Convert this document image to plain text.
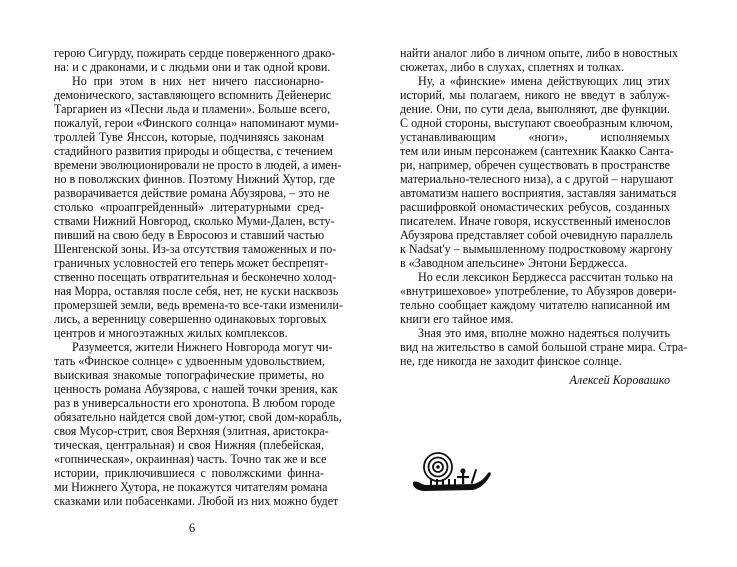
герою Сигурду, пожирать сердце поверженного драко-
на: и с драконами, и с людьми они и так одной крови.
Но при этом в них нет ничего пассионарно-
демонического, заставляющего вспомнить Дейенерис
Таргариен из «Песни льда и пламени». Больше всего,
пожалуй, герои «Финского солнца» напоминают муми-
троллей Туве Янссон, которые, подчиняясь законам
стадийного развития природы и общества, с течением
времени эволюционировали не просто в людей, а имен-
но в поволжских финнов. Поэтому Нижний Хутор, где
разворачивается действие романа Абузярова, – это не
столько «проапгрейденный» литературными сред-
ствами Нижний Новгород, сколько Муми-Дален, всту-
пивший на свою беду в Евросоюз и ставший частью
Шенгенской зоны. Из-за отсутствия таможенных и по-
граничных условностей его теперь может беспрепят-
ственно посещать отвратительная и бесконечно холод-
ная Морра, оставляя после себя, нет, не куски насквозь
промерзшей земли, ведь времена-то все-таки изменили-
лись, а веренницу совершенно одинаковых торговых
центров и многоэтажных жилых комплексов.
Разумеется, жители Нижнего Новгорода могут чи-
тать «Финское солнце» с удвоенным удовольствием,
выискивая знакомые топографические приметы, но
ценность романа Абузярова, с нашей точки зрения, как
раз в универсальности его хронотопа. В любом городе
обязательно найдется свой дом-утюг, свой дом-корабль,
своя Мусор-стрит, своя Верхняя (элитная, аристокра-
тическая, центральная) и своя Нижняя (плебейская,
«гопническая», окраинная) часть. Точно так же и все
истории, приключившиеся с поволжскими финна-
ми Нижнего Хутора, не покажутся читателям романа
сказками или побасенками. Любой из них можно будет
найти аналог либо в личном опыте, либо в новостных
сюжетах, либо в слухах, сплетнях и толках.
Ну, а «финские» имена действующих лиц этих
историй, мы полагаем, никого не введут в заблуж-
дение. Они, по сути дела, выполняют, две функции.
С одной стороны, выступают своеобразным ключом,
устанавливающим «ноги», исполняемых
тем или иным персонажем (сантехник Каакко Санта-
ри, например, обречен существовать в пространстве
материально-телесного низа), а с другой – нарушают
автоматизм нашего восприятия, заставляя заниматься
расшифровкой ономастических ребусов, созданных
писателем. Иначе говоря, искусственный именослов
Абузярова представляет собой очевидную параллель
к Nadsat'у – вымышленному подростковому жаргону
в «Заводном апельсине» Энтони Берджесса.
Но если лексикон Берджесса рассчитан только на
«внутришеховое» употребление, то Абузяров довери-
тельно сообщает каждому читателю написанной им
книги его тайное имя.
Зная это имя, вполне можно надеяться получить
вид на жительство в самой большой стране мира. Стра-
не, где никогда не заходит финское солнце.
Алексей Коровашко
6
